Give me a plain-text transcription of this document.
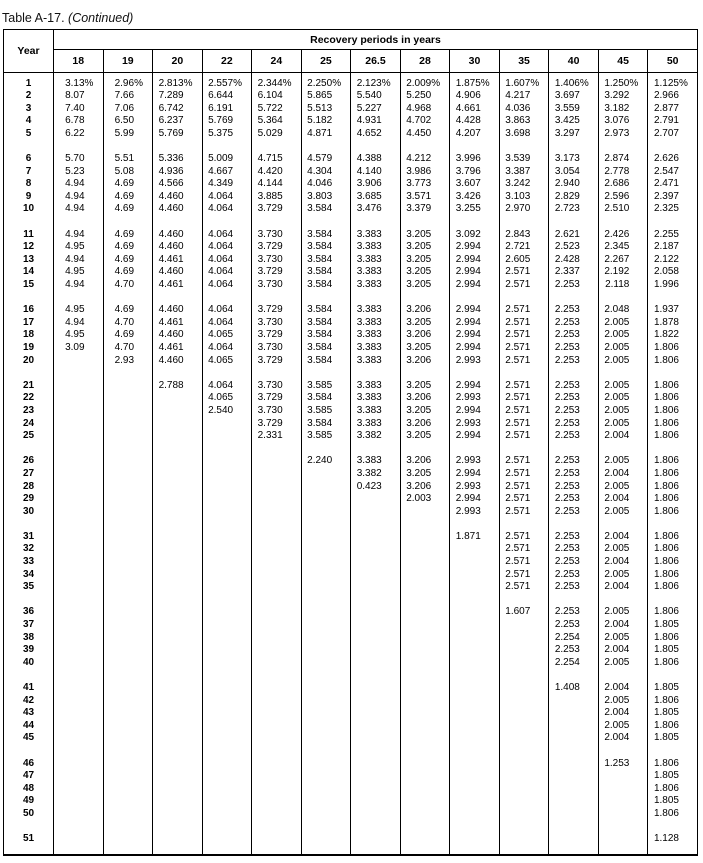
Table A-17. (Continued)
Year	Recovery periods in years												
	18	19	20	22	24	25	26.5	28	30	35	40	45	50

1	3.13%	2.96%	2.813%	2.557%	2.344%	2.250%	2.123%	2.009%	1.875%	1.607%	1.406%	1.250%	1.125%
2	8.07	7.66	7.289	6.644	6.104	5.865	5.540	5.250	4.906	4.217	3.697	3.292	2.966
3	7.40	7.06	6.742	6.191	5.722	5.513	5.227	4.968	4.661	4.036	3.559	3.182	2.877
4	6.78	6.50	6.237	5.769	5.364	5.182	4.931	4.702	4.428	3.863	3.425	3.076	2.791
5	6.22	5.99	5.769	5.375	5.029	4.871	4.652	4.450	4.207	3.698	3.297	2.973	2.707

6	5.70	5.51	5.336	5.009	4.715	4.579	4.388	4.212	3.996	3.539	3.173	2.874	2.626
7	5.23	5.08	4.936	4.667	4.420	4.304	4.140	3.986	3.796	3.387	3.054	2.778	2.547
8	4.94	4.69	4.566	4.349	4.144	4.046	3.906	3.773	3.607	3.242	2.940	2.686	2.471
9	4.94	4.69	4.460	4.064	3.885	3.803	3.685	3.571	3.426	3.103	2.829	2.596	2.397
10	4.94	4.69	4.460	4.064	3.729	3.584	3.476	3.379	3.255	2.970	2.723	2.510	2.325

11	4.94	4.69	4.460	4.064	3.730	3.584	3.383	3.205	3.092	2.843	2.621	2.426	2.255
12	4.95	4.69	4.460	4.064	3.729	3.584	3.383	3.205	2.994	2.721	2.523	2.345	2.187
13	4.94	4.69	4.461	4.064	3.730	3.584	3.383	3.205	2.994	2.605	2.428	2.267	2.122
14	4.95	4.69	4.460	4.064	3.729	3.584	3.383	3.205	2.994	2.571	2.337	2.192	2.058
15	4.94	4.70	4.461	4.064	3.730	3.584	3.383	3.205	2.994	2.571	2.253	2.118	1.996

16	4.95	4.69	4.460	4.064	3.729	3.584	3.383	3.206	2.994	2.571	2.253	2.048	1.937
17	4.94	4.70	4.461	4.064	3.730	3.584	3.383	3.205	2.994	2.571	2.253	2.005	1.878
18	4.95	4.69	4.460	4.065	3.729	3.584	3.383	3.206	2.994	2.571	2.253	2.005	1.822
19	3.09	4.70	4.461	4.064	3.730	3.584	3.383	3.205	2.994	2.571	2.253	2.005	1.806
20		2.93	4.460	4.065	3.729	3.584	3.383	3.206	2.993	2.571	2.253	2.005	1.806

21			2.788	4.064	3.730	3.585	3.383	3.205	2.994	2.571	2.253	2.005	1.806
22				4.065	3.729	3.584	3.383	3.206	2.993	2.571	2.253	2.005	1.806
23				2.540	3.730	3.585	3.383	3.205	2.994	2.571	2.253	2.005	1.806
24					3.729	3.584	3.383	3.206	2.993	2.571	2.253	2.005	1.806
25					2.331	3.585	3.382	3.205	2.994	2.571	2.253	2.004	1.806

26						2.240	3.383	3.206	2.993	2.571	2.253	2.005	1.806
27							3.382	3.205	2.994	2.571	2.253	2.004	1.806
28							0.423	3.206	2.993	2.571	2.253	2.005	1.806
29								2.003	2.994	2.571	2.253	2.004	1.806
30									2.993	2.571	2.253	2.005	1.806

31									1.871	2.571	2.253	2.004	1.806
32										2.571	2.253	2.005	1.806
33										2.571	2.253	2.004	1.806
34										2.571	2.253	2.005	1.806
35										2.571	2.253	2.004	1.806

36										1.607	2.253	2.005	1.806
37											2.253	2.004	1.805
38											2.254	2.005	1.806
39											2.253	2.004	1.805
40											2.254	2.005	1.806

41											1.408	2.004	1.805
42												2.005	1.806
43												2.004	1.805
44												2.005	1.806
45												2.004	1.805

46												1.253	1.806
47													1.805
48													1.806
49													1.805
50													1.806

51													1.128
